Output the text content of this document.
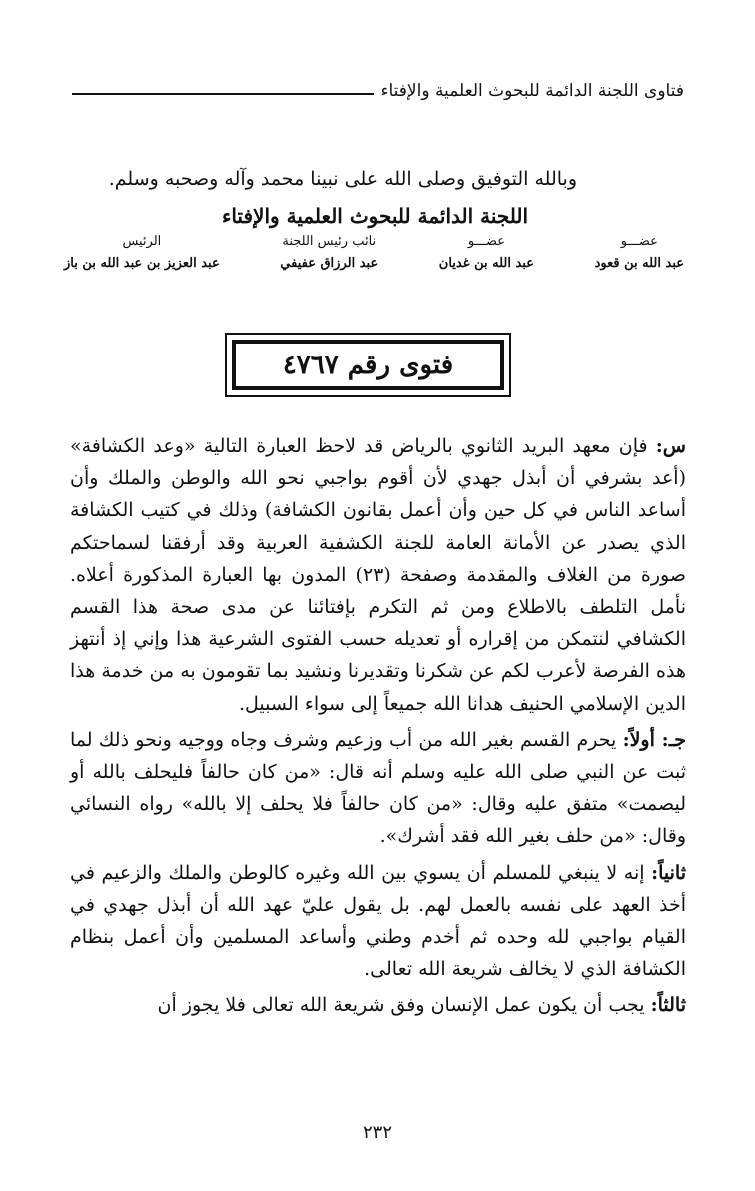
فتاوى اللجنة الدائمة للبحوث العلمية والإفتاء
وبالله التوفيق وصلى الله على نبينا محمد وآله وصحبه وسلم.
اللجنة الدائمة للبحوث العلمية والإفتاء
عضـــو
عبد الله بن قعود
عضـــو
عبد الله بن غديان
نائب رئيس اللجنة
عبد الرزاق عفيفي
الرئيس
عبد العزيز بن عبد الله بن باز
فتوى رقم ٤٧٦٧

س: فإن معهد البريد الثانوي بالرياض قد لاحظ العبارة التالية «وعد الكشافة» (أعد بشرفي أن أبذل جهدي لأن أقوم بواجبي نحو الله والوطن والملك وأن أساعد الناس في كل حين وأن أعمل بقانون الكشافة) وذلك في كتيب الكشافة الذي يصدر عن الأمانة العامة للجنة الكشفية العربية وقد أرفقنا لسماحتكم صورة من الغلاف والمقدمة وصفحة (٢٣) المدون بها العبارة المذكورة أعلاه. نأمل التلطف بالاطلاع ومن ثم التكرم بإفتائنا عن مدى صحة هذا القسم الكشافي لنتمكن من إقراره أو تعديله حسب الفتوى الشرعية هذا وإني إذ أنتهز هذه الفرصة لأعرب لكم عن شكرنا وتقديرنا ونشيد بما تقومون به من خدمة هذا الدين الإسلامي الحنيف هدانا الله جميعاً إلى سواء السبيل.

جـ: أولاً: يحرم القسم بغير الله من أب وزعيم وشرف وجاه ووجيه ونحو ذلك لما ثبت عن النبي صلى الله عليه وسلم أنه قال: «من كان حالفاً فليحلف بالله أو ليصمت» متفق عليه وقال: «من كان حالفاً فلا يحلف إلا بالله» رواه النسائي وقال: «من حلف بغير الله فقد أشرك».

ثانياً: إنه لا ينبغي للمسلم أن يسوي بين الله وغيره كالوطن والملك والزعيم في أخذ العهد على نفسه بالعمل لهم. بل يقول عليّ عهد الله أن أبذل جهدي في القيام بواجبي لله وحده ثم أخدم وطني وأساعد المسلمين وأن أعمل بنظام الكشافة الذي لا يخالف شريعة الله تعالى.

ثالثاً: يجب أن يكون عمل الإنسان وفق شريعة الله تعالى فلا يجوز أن

٢٣٢
